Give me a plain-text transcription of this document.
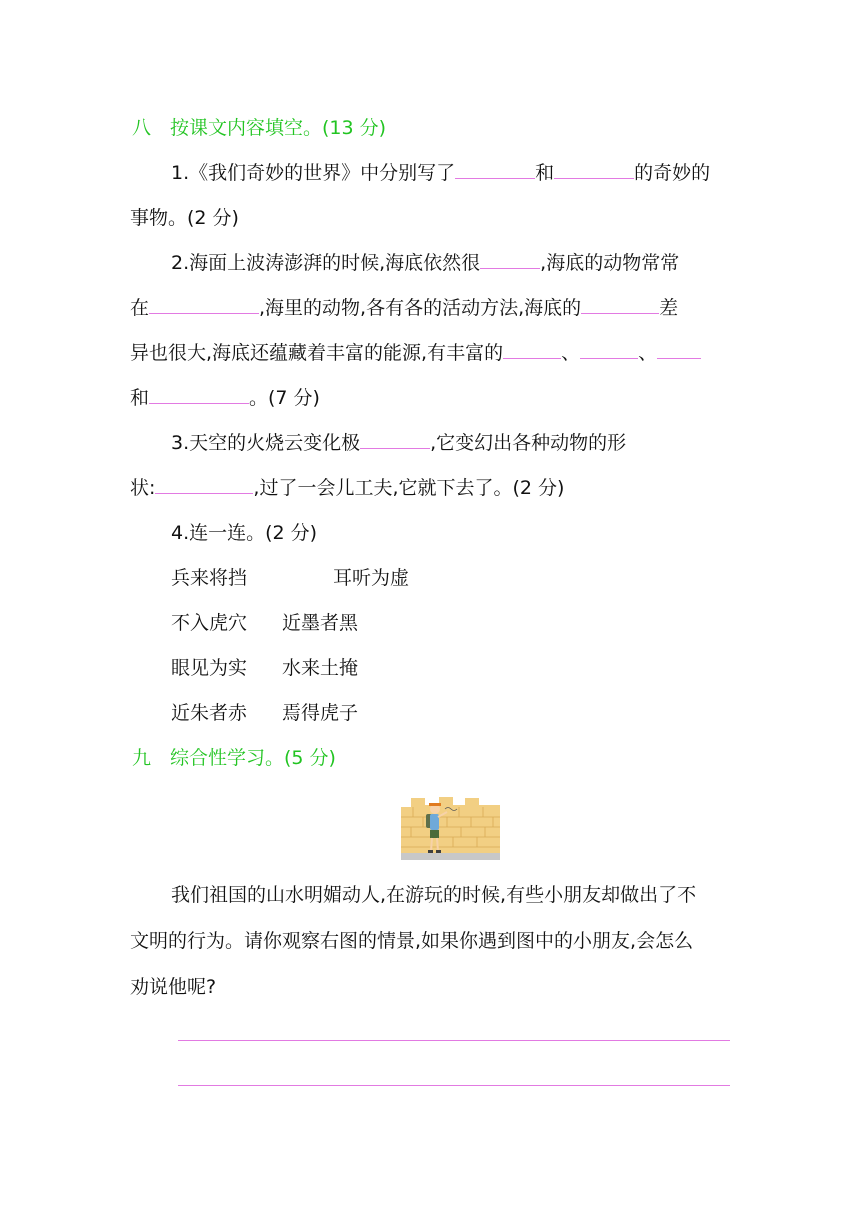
八 按课文内容填空。(13 分)
1.《我们奇妙的世界》中分别写了	和	的奇妙的
事物。(2 分)
2.海面上波涛澎湃的时候,海底依然很	,海底的动物常常
在	,海里的动物,各有各的活动方法,海底的	差
异也很大,海底还蕴藏着丰富的能源,有丰富的	、	、
和	。(7 分)
3.天空的火烧云变化极	,它变幻出各种动物的形
状:	,过了一会儿工夫,它就下去了。(2 分)
4.连一连。(2 分)
兵来将挡	耳听为虚
不入虎穴 近墨者黑
眼见为实 水来土掩
近朱者赤 焉得虎子
九 综合性学习。(5 分)
我们祖国的山水明媚动人,在游玩的时候,有些小朋友却做出了不
文明的行为。请你观察右图的情景,如果你遇到图中的小朋友,会怎么
劝说他呢?
